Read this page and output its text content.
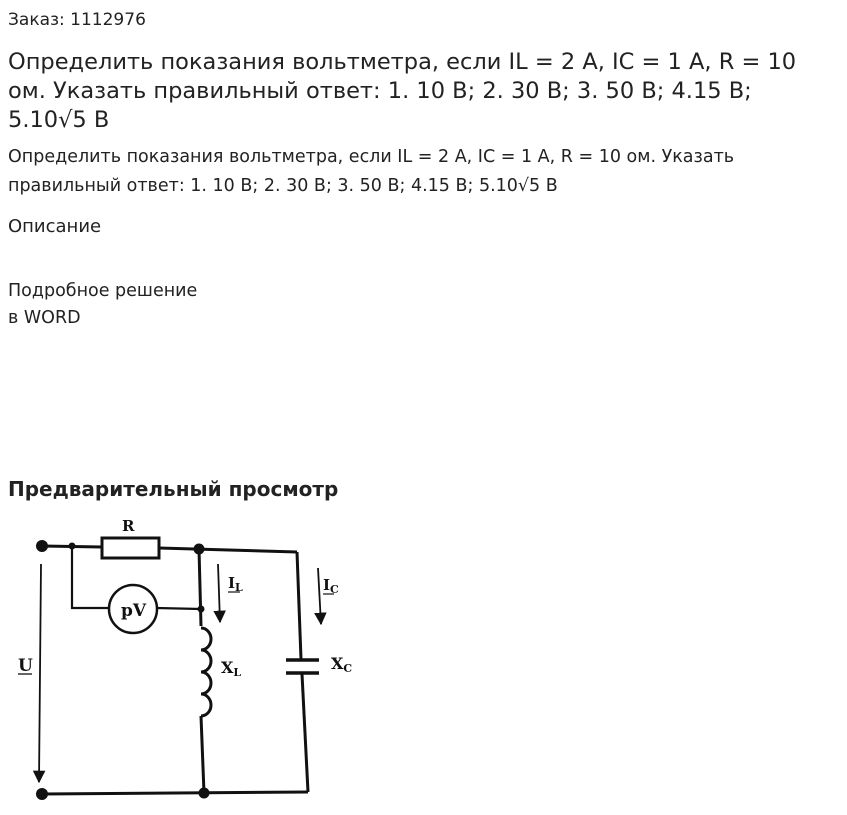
Заказ: 1112976
Определить показания вольтметра, если IL = 2 А, IC = 1 А, R = 10 ом. Указать правильный ответ: 1. 10 В; 2. 30 В; 3. 50 В; 4.15 В; 5.10√5 В

Определить показания вольтметра, если IL = 2 А, IC = 1 А, R = 10 ом. Указать правильный ответ: 1. 10 В; 2. 30 В; 3. 50 В; 4.15 В; 5.10√5 В

Описание
Подробное решение
в WORD
Предварительный просмотр
R
pV
U
$I_L$
XL
$I_C$
XC
